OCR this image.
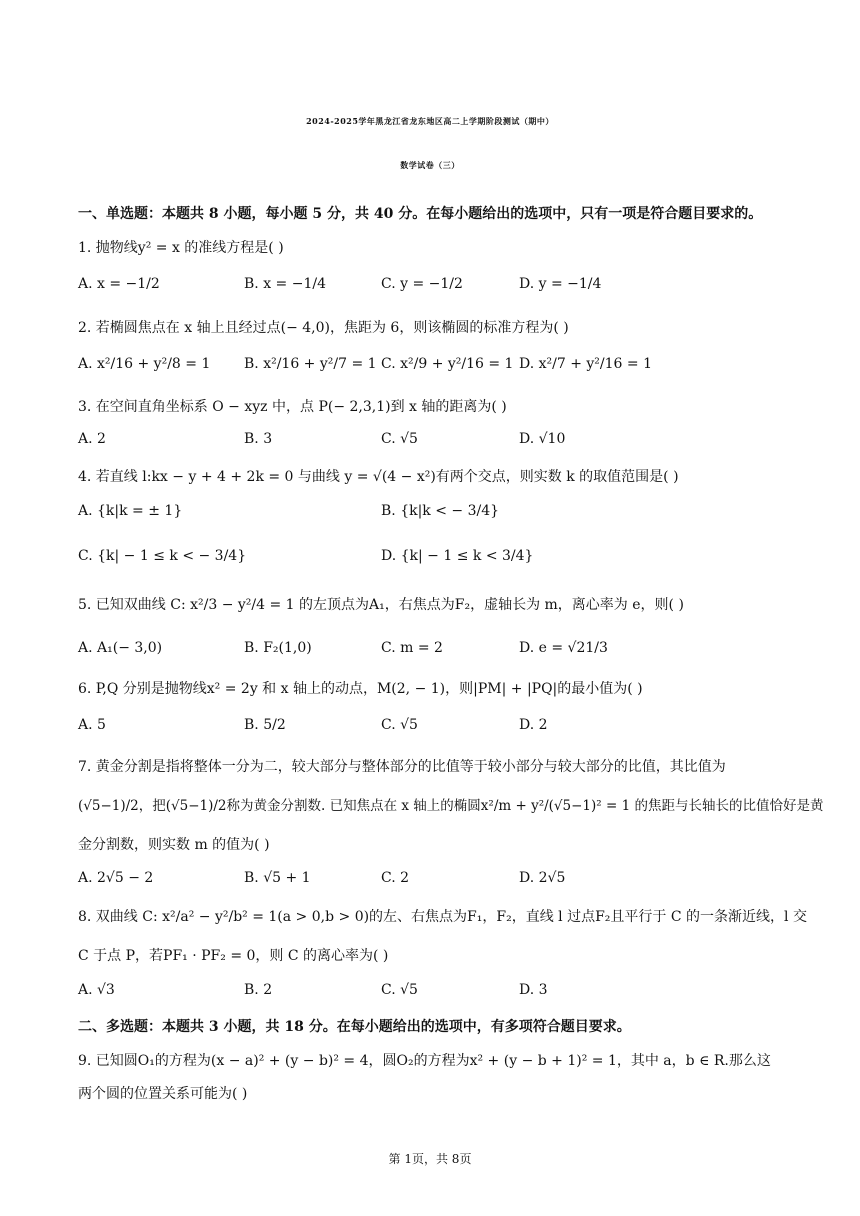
2024-2025学年黑龙江省龙东地区高二上学期阶段测试（期中）
数学试卷（三）
一、单选题：本题共 8 小题，每小题 5 分，共 40 分。在每小题给出的选项中，只有一项是符合题目要求的。
1. 抛物线y² = x 的准线方程是( )
A. x = −1/2	B. x = −1/4	C. y = −1/2	D. y = −1/4
2. 若椭圆焦点在 x 轴上且经过点(− 4,0)，焦距为 6，则该椭圆的标准方程为( )
A. x²/16 + y²/8 = 1 B. x²/16 + y²/7 = 1 C. x²/9 + y²/16 = 1 D. x²/7 + y²/16 = 1
3. 在空间直角坐标系 O − xyz 中，点 P(− 2,3,1)到 x 轴的距离为( )
A. 2	B. 3	C. √5	D. √10
4. 若直线 l:kx − y + 4 + 2k = 0 与曲线 y = √(4 − x²)有两个交点，则实数 k 的取值范围是( )
A. {k|k = ± 1}	B. {k|k < − 3/4}
C. {k| − 1 ≤ k < − 3/4}	D. {k| − 1 ≤ k < 3/4}
5. 已知双曲线 C: x²/3 − y²/4 = 1 的左顶点为A₁，右焦点为F₂，虚轴长为 m，离心率为 e，则( )
A. A₁(− 3,0)	B. F₂(1,0)	C. m = 2	D. e = √21/3
6. P,Q 分别是抛物线x² = 2y 和 x 轴上的动点，M(2, − 1)，则|PM| + |PQ|的最小值为( )
A. 5	B. 5/2	C. √5	D. 2
7. 黄金分割是指将整体一分为二，较大部分与整体部分的比值等于较小部分与较大部分的比值，其比值为
(√5−1)/2，把(√5−1)/2称为黄金分割数. 已知焦点在 x 轴上的椭圆x²/m + y²/(√5−1)² = 1 的焦距与长轴长的比值恰好是黄
金分割数，则实数 m 的值为( )
A. 2√5 − 2	B. √5 + 1	C. 2	D. 2√5
8. 双曲线 C: x²/a² − y²/b² = 1(a > 0,b > 0)的左、右焦点为F₁，F₂，直线 l 过点F₂且平行于 C 的一条渐近线，l 交
C 于点 P，若PF₁ · PF₂ = 0，则 C 的离心率为( )
A. √3	B. 2	C. √5	D. 3
二、多选题：本题共 3 小题，共 18 分。在每小题给出的选项中，有多项符合题目要求。
9. 已知圆O₁的方程为(x − a)² + (y − b)² = 4，圆O₂的方程为x² + (y − b + 1)² = 1，其中 a，b ∈ R.那么这
两个圆的位置关系可能为( )
第 1页，共 8页
